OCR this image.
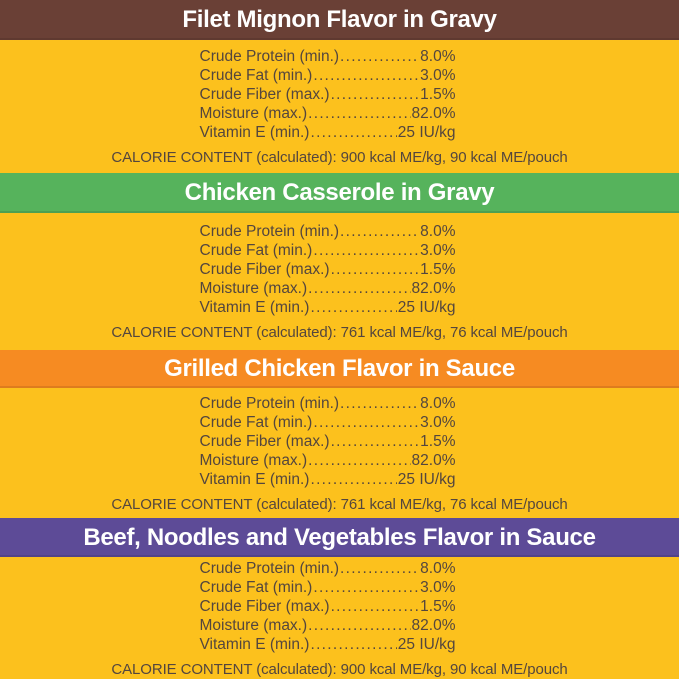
Filet Mignon Flavor in Gravy
Crude Protein (min.) .....	8.0%
Crude Fat (min.) .....	3.0%
Crude Fiber (max.) .....	1.5%
Moisture (max.) .....	82.0%
Vitamin E (min.) .....	25 IU/kg
CALORIE CONTENT (calculated): 900 kcal ME/kg, 90 kcal ME/pouch
Chicken Casserole in Gravy
Crude Protein (min.) .....	8.0%
Crude Fat (min.) .....	3.0%
Crude Fiber (max.) .....	1.5%
Moisture (max.) .....	82.0%
Vitamin E (min.) .....	25 IU/kg
CALORIE CONTENT (calculated): 761 kcal ME/kg, 76 kcal ME/pouch
Grilled Chicken Flavor in Sauce
Crude Protein (min.) .....	8.0%
Crude Fat (min.) .....	3.0%
Crude Fiber (max.) .....	1.5%
Moisture (max.) .....	82.0%
Vitamin E (min.) .....	25 IU/kg
CALORIE CONTENT (calculated): 761 kcal ME/kg, 76 kcal ME/pouch
Beef, Noodles and Vegetables Flavor in Sauce
Crude Protein (min.) .....	8.0%
Crude Fat (min.) .....	3.0%
Crude Fiber (max.) .....	1.5%
Moisture (max.) .....	82.0%
Vitamin E (min.) .....	25 IU/kg
CALORIE CONTENT (calculated): 900 kcal ME/kg, 90 kcal ME/pouch
